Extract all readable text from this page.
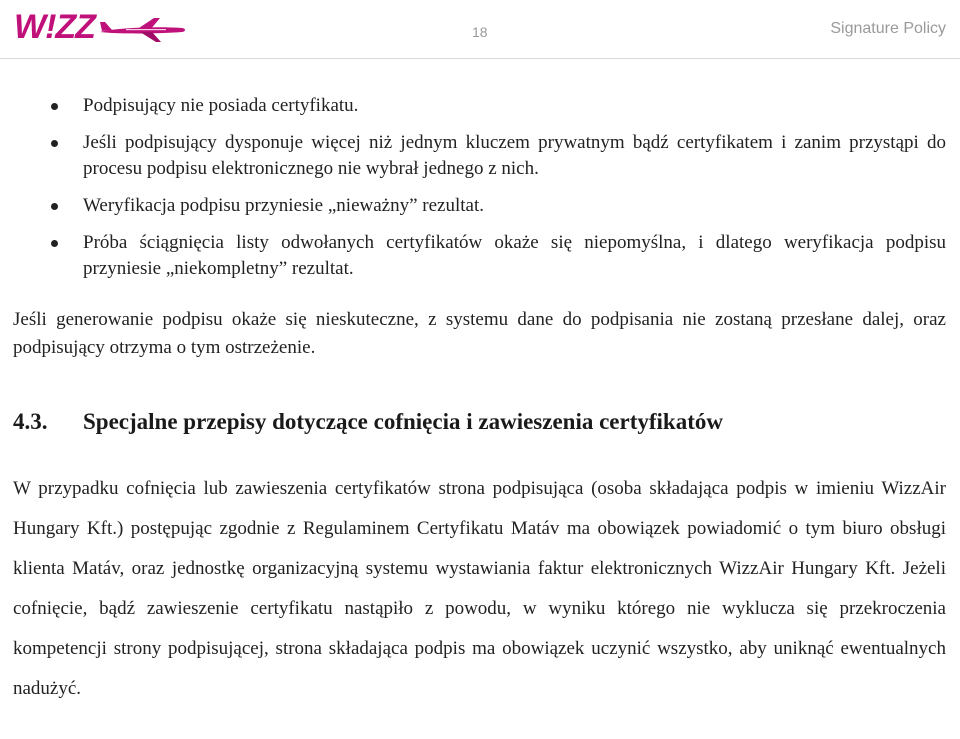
W!ZZ	18	Signature Policy
Podpisujący nie posiada certyfikatu.
Jeśli podpisujący dysponuje więcej niż jednym kluczem prywatnym bądź certyfikatem i zanim przystąpi do procesu podpisu elektronicznego nie wybrał jednego z nich.
Weryfikacja podpisu przyniesie „nieważny” rezultat.
Próba ściągnięcia listy odwołanych certyfikatów okaże się niepomyślna, i dlatego weryfikacja podpisu przyniesie „niekompletny” rezultat.

Jeśli generowanie podpisu okaże się nieskuteczne, z systemu dane do podpisania nie zostaną przesłane dalej, oraz podpisujący otrzyma o tym ostrzeżenie.

4.3. Specjalne przepisy dotyczące cofnięcia i zawieszenia certyfikatów

W przypadku cofnięcia lub zawieszenia certyfikatów strona podpisująca (osoba składająca podpis w imieniu WizzAir Hungary Kft.) postępując zgodnie z Regulaminem Certyfikatu Matáv ma obowiązek powiadomić o tym biuro obsługi klienta Matáv, oraz jednostkę organizacyjną systemu wystawiania faktur elektronicznych WizzAir Hungary Kft. Jeżeli cofnięcie, bądź zawieszenie certyfikatu nastąpiło z powodu, w wyniku którego nie wyklucza się przekroczenia kompetencji strony podpisującej, strona składająca podpis ma obowiązek uczynić wszystko, aby uniknąć ewentualnych nadużyć.
